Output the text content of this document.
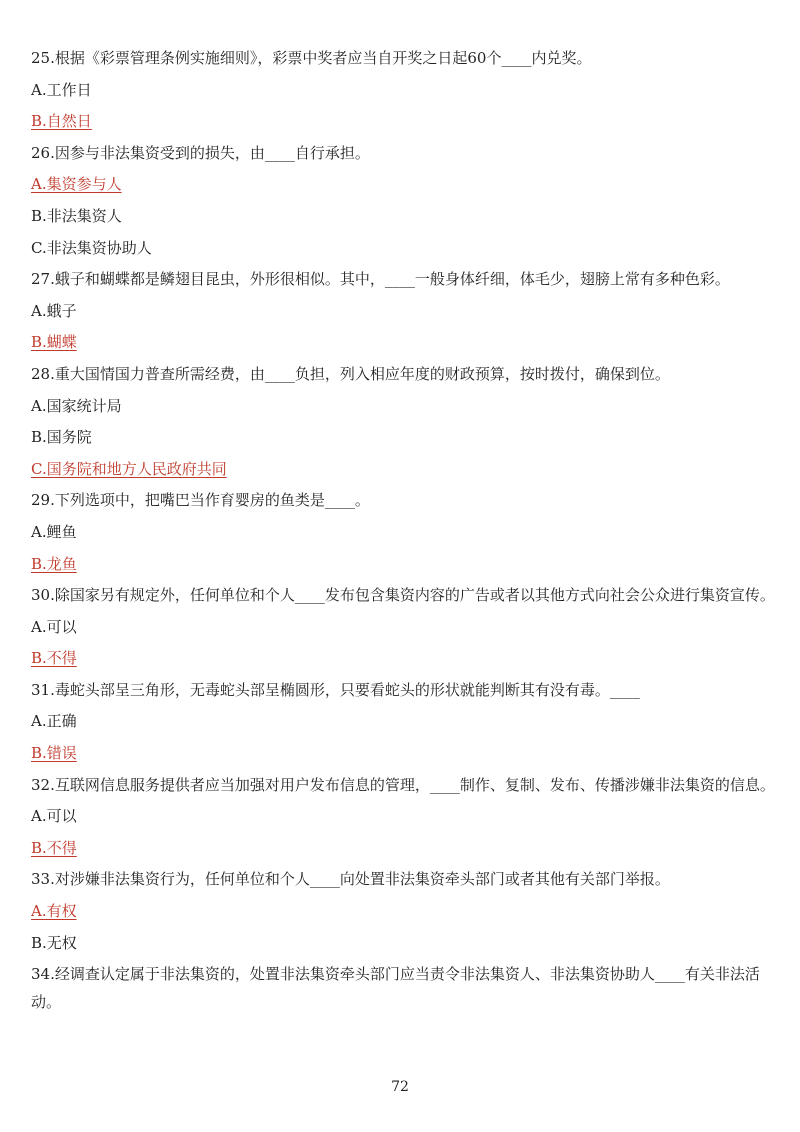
25.根据《彩票管理条例实施细则》，彩票中奖者应当自开奖之日起60个____内兑奖。
A.工作日
B.自然日
26.因参与非法集资受到的损失，由____自行承担。
A.集资参与人
B.非法集资人
C.非法集资协助人
27.蛾子和蝴蝶都是鳞翅目昆虫，外形很相似。其中，____一般身体纤细，体毛少，翅膀上常有多种色彩。
A.蛾子
B.蝴蝶
28.重大国情国力普查所需经费，由____负担，列入相应年度的财政预算，按时拨付，确保到位。
A.国家统计局
B.国务院
C.国务院和地方人民政府共同
29.下列选项中，把嘴巴当作育婴房的鱼类是____。
A.鲤鱼
B.龙鱼
30.除国家另有规定外，任何单位和个人____发布包含集资内容的广告或者以其他方式向社会公众进行集资宣传。
A.可以
B.不得
31.毒蛇头部呈三角形，无毒蛇头部呈椭圆形，只要看蛇头的形状就能判断其有没有毒。____
A.正确
B.错误
32.互联网信息服务提供者应当加强对用户发布信息的管理，____制作、复制、发布、传播涉嫌非法集资的信息。
A.可以
B.不得
33.对涉嫌非法集资行为，任何单位和个人____向处置非法集资牵头部门或者其他有关部门举报。
A.有权
B.无权
34.经调查认定属于非法集资的，处置非法集资牵头部门应当责令非法集资人、非法集资协助人____有关非法活动。
72
